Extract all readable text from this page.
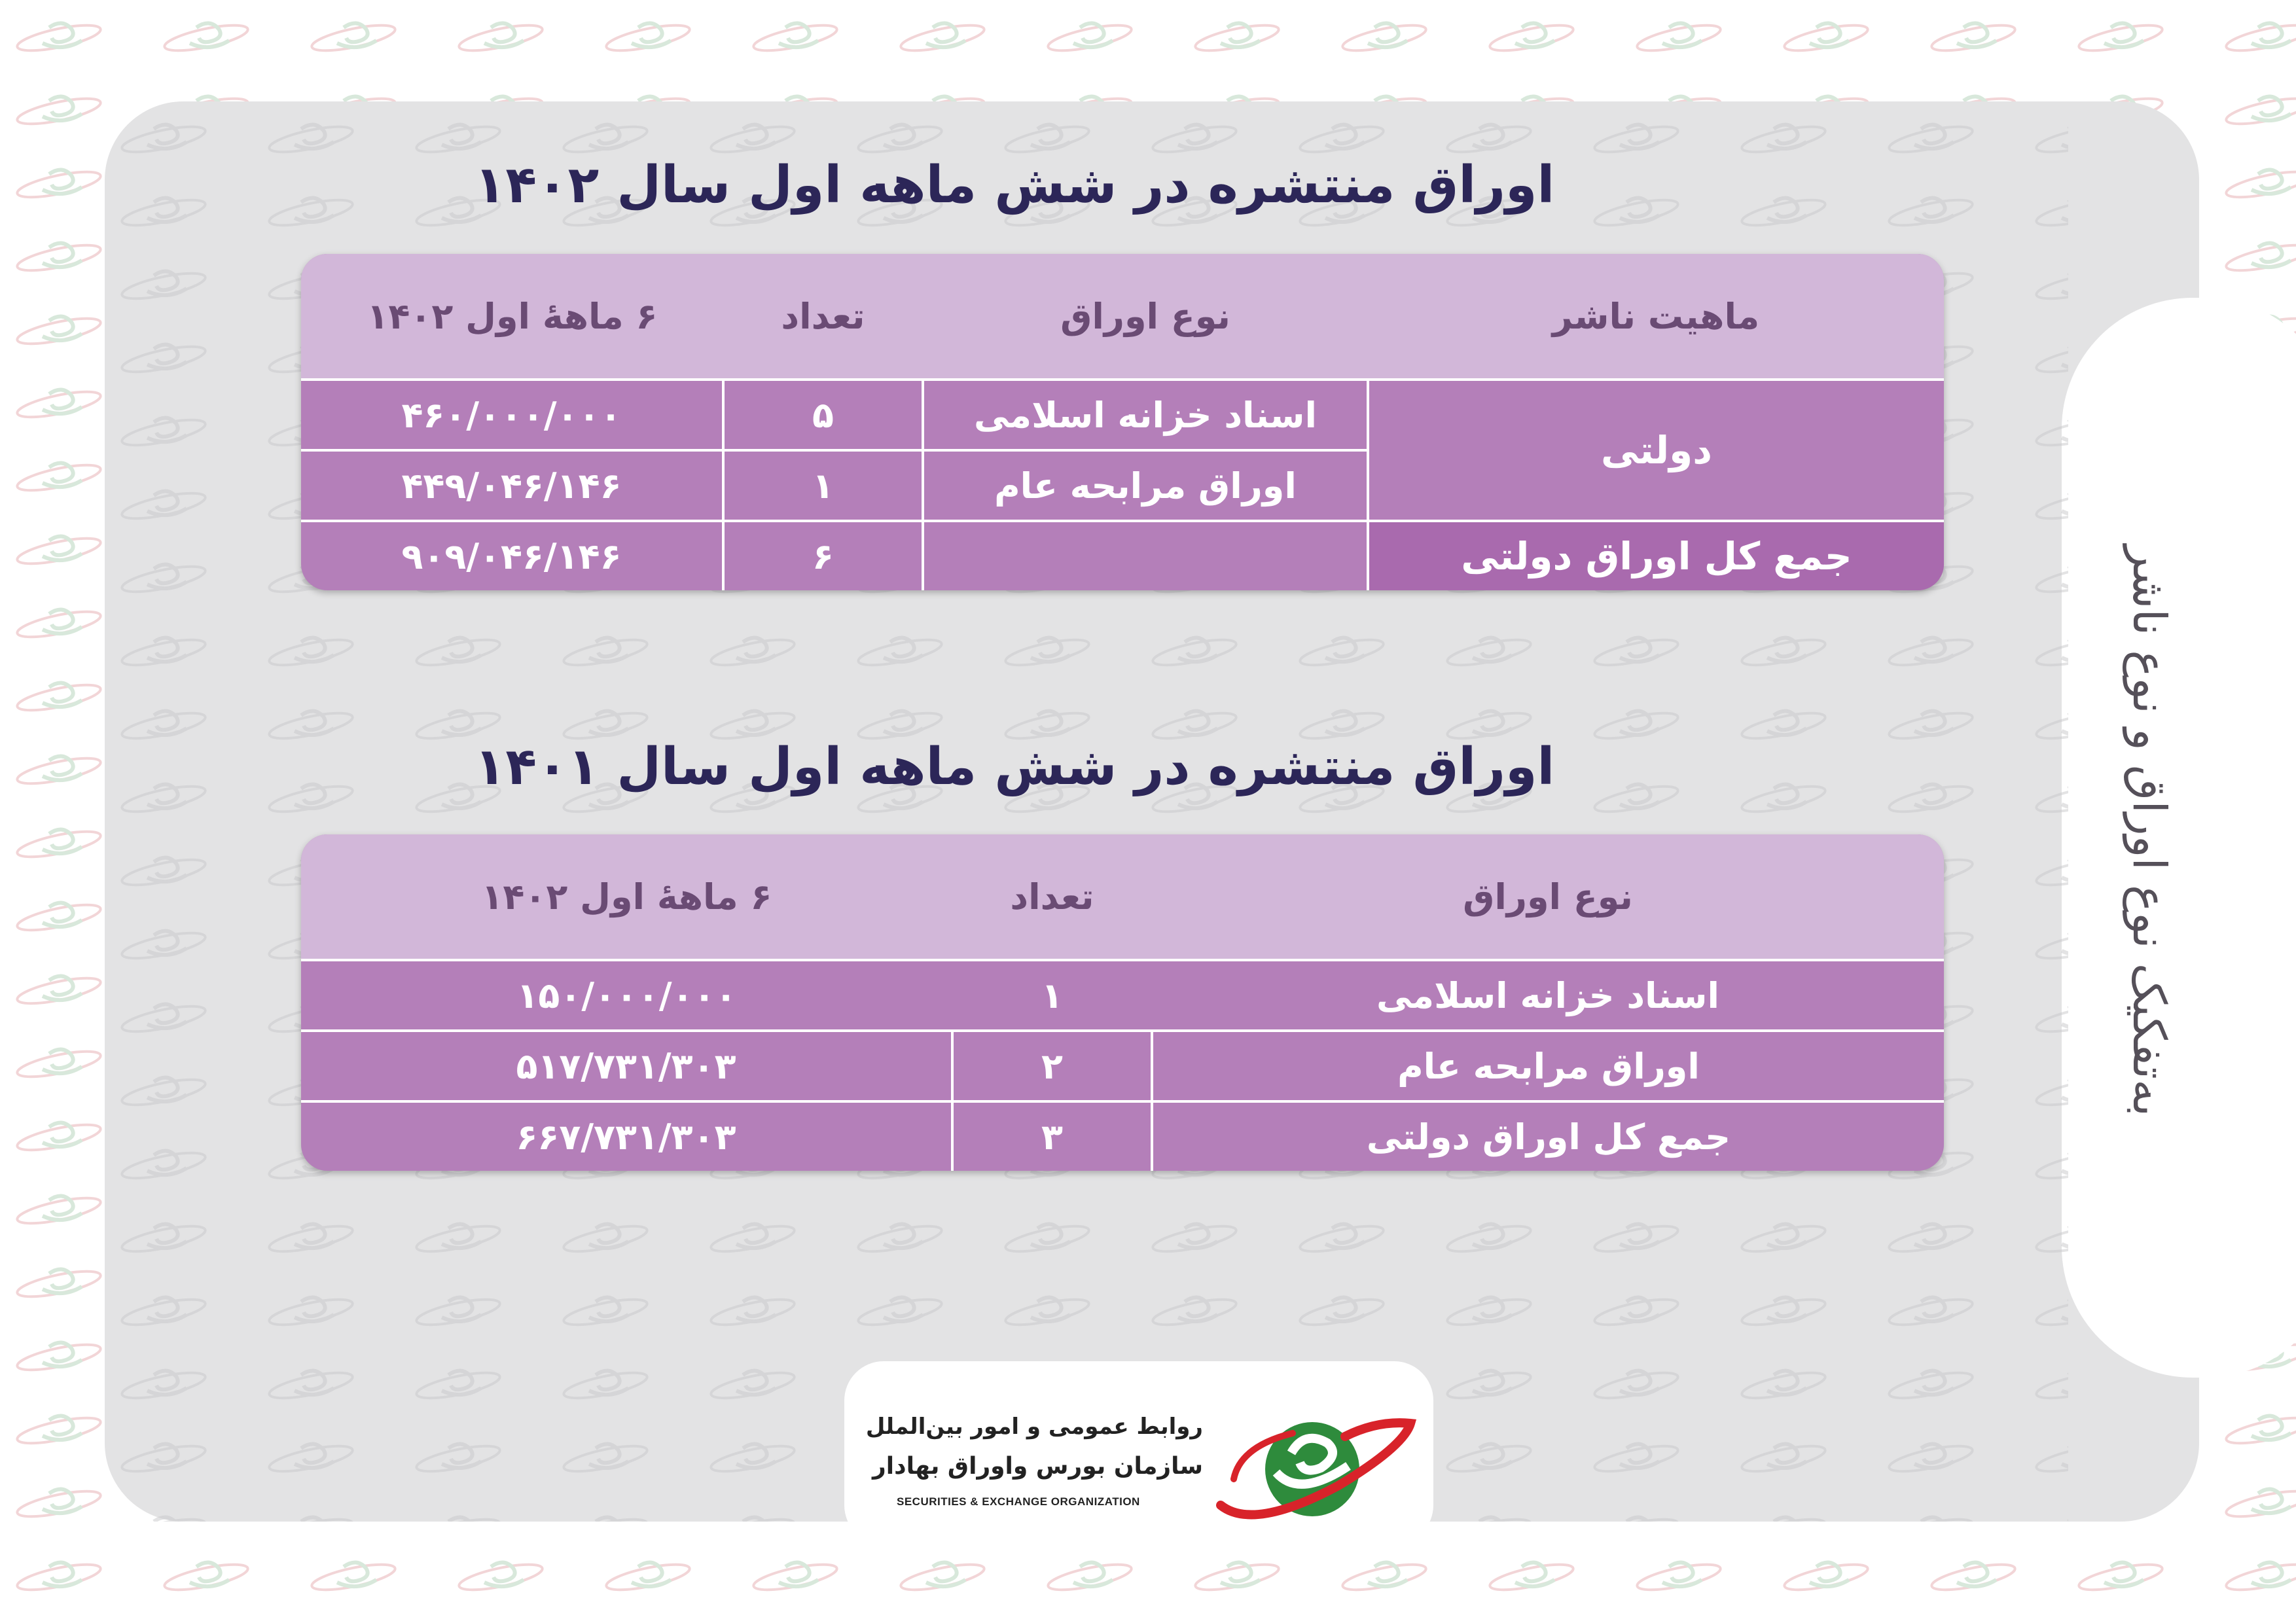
اوراق منتشره در شش ماهه اول سال ۱۴۰۲
ماهیت ناشر	نوع اوراق	تعداد	۶ ماههٔ اول ۱۴۰۲
دولتی	اسناد خزانه اسلامی	۵	۴۶۰/۰۰۰/۰۰۰
	اوراق مرابحه عام	۱	۴۴۹/۰۴۶/۱۴۶
جمع کل اوراق دولتی		۶	۹۰۹/۰۴۶/۱۴۶
اوراق منتشره در شش ماهه اول سال ۱۴۰۱
نوع اوراق	تعداد	۶ ماههٔ اول ۱۴۰۲
اسناد خزانه اسلامی	۱	۱۵۰/۰۰۰/۰۰۰
اوراق مرابحه عام	۲	۵۱۷/۷۳۱/۳۰۳
جمع کل اوراق دولتی	۳	۶۶۷/۷۳۱/۳۰۳
به‌تفکیک نوع اوراق و نوع ناشر
روابط عمومی و امور بین‌الملل
سازمان بورس واوراق بهادار
SECURITIES & EXCHANGE ORGANIZATION
